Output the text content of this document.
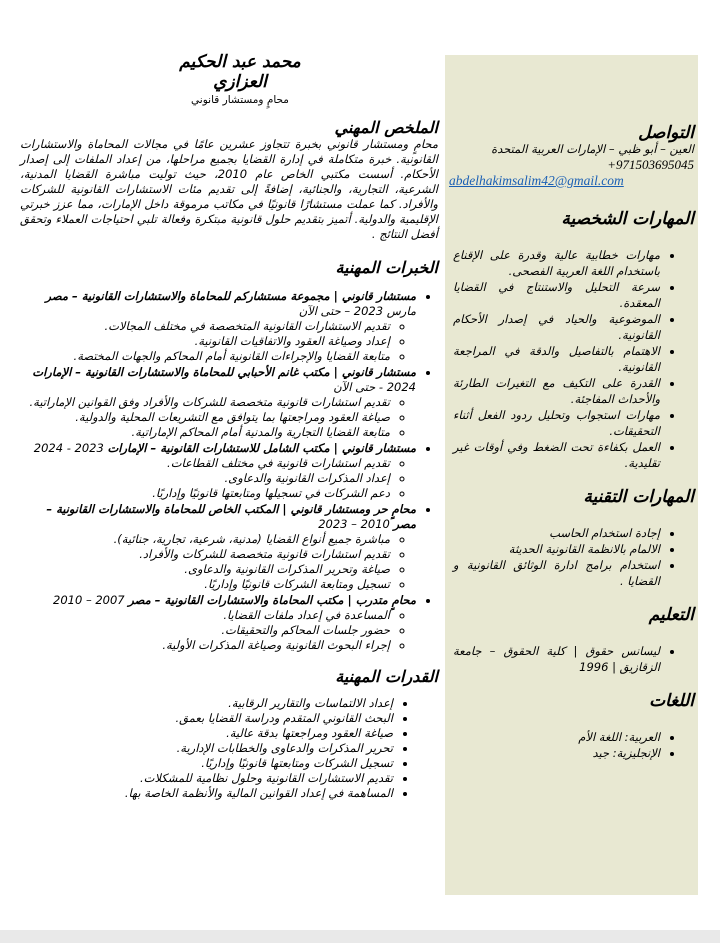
محمد عبد الحكيم العزازي
محامٍ ومستشار قانوني
الملخص المهني

محامٍ ومستشار قانوني بخبرة تتجاوز عشرين عامًا في مجالات المحاماة والاستشارات القانونية. خبرة متكاملة في إدارة القضايا بجميع مراحلها، من إعداد الملفات إلى إصدار الأحكام. أسست مكتبي الخاص عام 2010، حيث توليت مباشرة القضايا المدنية، الشرعية، التجارية، والجنائية، إضافةً إلى تقديم مئات الاستشارات القانونية للشركات والأفراد. كما عملت مستشارًا قانونيًا في مكاتب مرموقة داخل الإمارات، مما عزز خبرتي الإقليمية والدولية. أتميز بتقديم حلول قانونية مبتكرة وفعالة تلبي احتياجات العملاء وتحقق أفضل النتائج .

الخبرات المهنية
• مستشار قانوني | مجموعة مستشاركم للمحاماة والاستشارات القانونية – مصر مارس 2023 – حتى الآن
◦ تقديم الاستشارات القانونية المتخصصة في مختلف المجالات.
◦ إعداد وصياغة العقود والاتفاقيات القانونية.
◦ متابعة القضايا والإجراءات القانونية أمام المحاكم والجهات المختصة.
• مستشار قانوني | مكتب غانم الأحبابي للمحاماة والاستشارات القانونية – الإمارات 2024 - حتى الآن
◦ تقديم استشارات قانونية متخصصة للشركات والأفراد وفق القوانين الإماراتية.
◦ صياغة العقود ومراجعتها بما يتوافق مع التشريعات المحلية والدولية.
◦ متابعة القضايا التجارية والمدنية أمام المحاكم الإماراتية.
• مستشار قانوني | مكتب الشامل للاستشارات القانونية – الإمارات 2023 - 2024
◦ تقديم استشارات قانونية في مختلف القطاعات.
◦ إعداد المذكرات القانونية والدعاوى.
◦ دعم الشركات في تسجيلها ومتابعتها قانونيًا وإداريًا.
• محامٍ حر ومستشار قانوني | المكتب الخاص للمحاماة والاستشارات القانونية – مصر 2010 – 2023
◦ مباشرة جميع أنواع القضايا (مدنية، شرعية، تجارية، جنائية).
◦ تقديم استشارات قانونية متخصصة للشركات والأفراد.
◦ صياغة وتحرير المذكرات القانونية والدعاوى.
◦ تسجيل ومتابعة الشركات قانونيًا وإداريًا.
• محامٍ متدرب | مكتب المحاماة والاستشارات القانونية – مصر 2007 – 2010
◦ المساعدة في إعداد ملفات القضايا.
◦ حضور جلسات المحاكم والتحقيقات.
◦ إجراء البحوث القانونية وصياغة المذكرات الأولية.
القدرات المهنية
• إعداد الالتماسات والتقارير الرقابية.
• البحث القانوني المتقدم ودراسة القضايا بعمق.
• صياغة العقود ومراجعتها بدقة عالية.
• تحرير المذكرات والدعاوى والخطابات الإدارية.
• تسجيل الشركات ومتابعتها قانونيًا وإداريًا.
• تقديم الاستشارات القانونية وحلول نظامية للمشكلات.
• المساهمة في إعداد القوانين المالية والأنظمة الخاصة بها.
التواصل
العين – أبو ظبي – الإمارات العربية المتحدة
+971503695045
abdelhakimsalim42@gmail.com
المهارات الشخصية
• مهارات خطابية عالية وقدرة على الإقناع باستخدام اللغة العربية الفصحى.
• سرعة التحليل والاستنتاج في القضايا المعقدة.
• الموضوعية والحياد في إصدار الأحكام القانونية.
• الاهتمام بالتفاصيل والدقة في المراجعة القانونية.
• القدرة على التكيف مع التغيرات الطارئة والأحداث المفاجئة.
• مهارات استجواب وتحليل ردود الفعل أثناء التحقيقات.
• العمل بكفاءة تحت الضغط وفي أوقات غير تقليدية.
المهارات التقنية
• إجادة استخدام الحاسب
• الالمام بالانظمة القانونية الحديثة
• استخدام برامج ادارة الوثائق القانونية و القضايا .
التعليم
• ليسانس حقوق | كلية الحقوق – جامعة الزقازيق | 1996
اللغات
• العربية: اللغة الأم
• الإنجليزية: جيد
